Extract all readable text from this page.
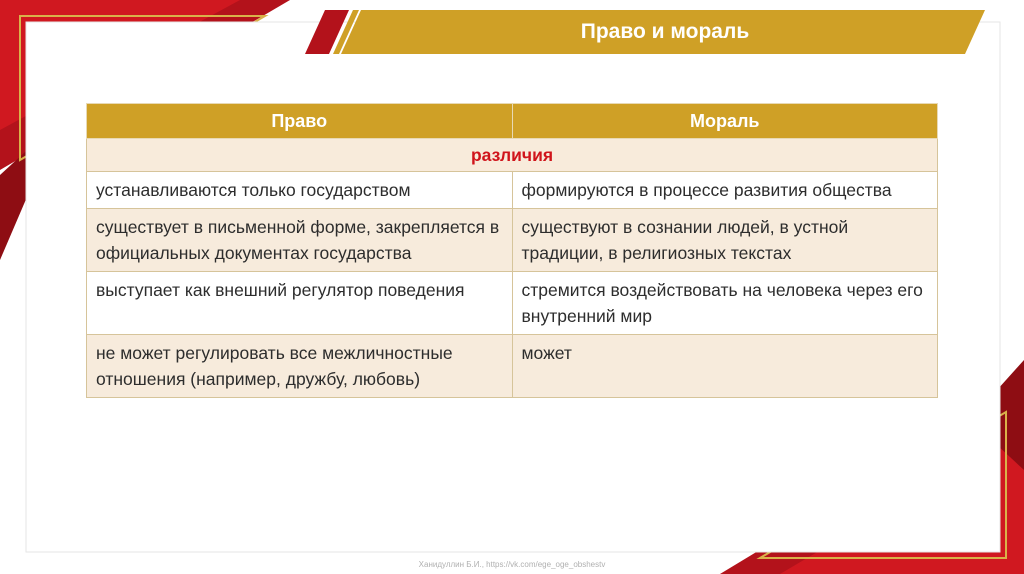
Право и мораль
Право	Мораль
различия	
устанавливаются только государством	формируются в процессе развития общества
существует в письменной форме, закрепляется в официальных документах государства	существуют в сознании людей, в устной традиции, в религиозных текстах
выступает как внешний регулятор поведения	стремится воздействовать на человека через его внутренний мир
не может регулировать все межличностные отношения (например, дружбу, любовь)	может
Ханидуллин Б.И., https://vk.com/ege_oge_obshestv
